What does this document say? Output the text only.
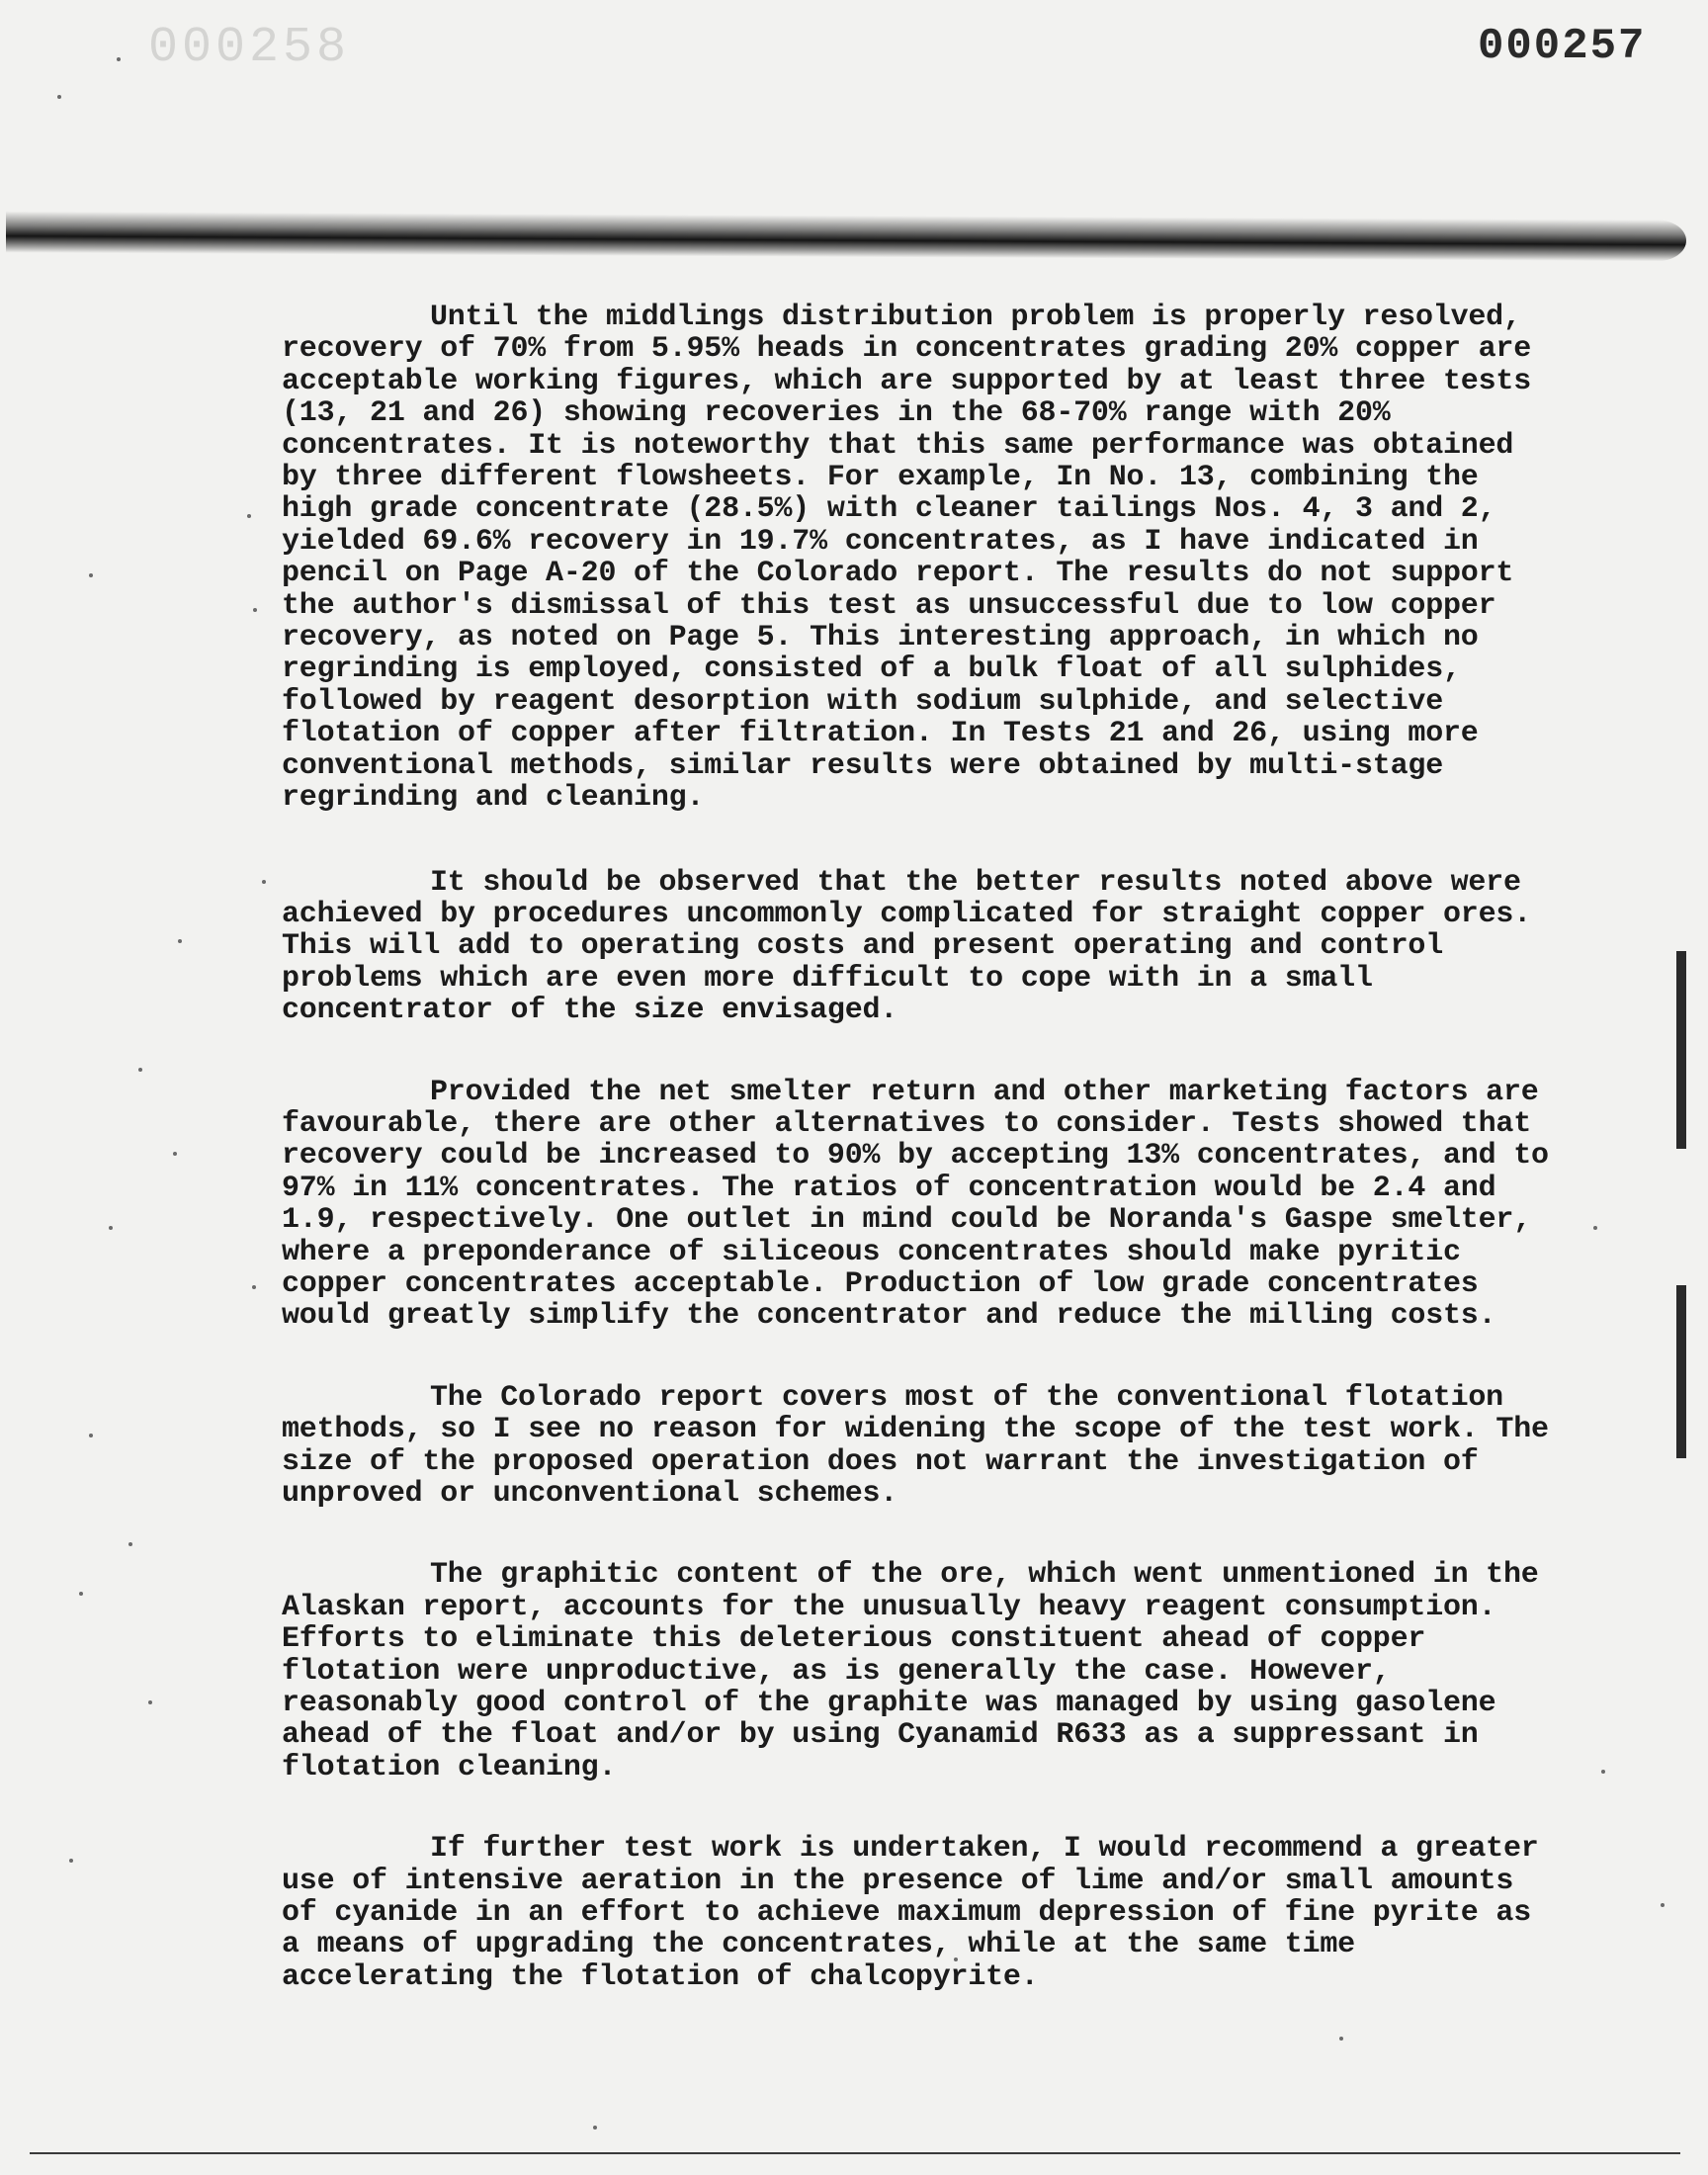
000258	000257

Until the middlings distribution problem is properly resolved, recovery of 70% from 5.95% heads in concentrates grading 20% copper are acceptable working figures, which are supported by at least three tests (13, 21 and 26) showing recoveries in the 68-70% range with 20% concentrates. It is noteworthy that this same performance was obtained by three different flowsheets. For example, In No. 13, combining the high grade concentrate (28.5%) with cleaner tailings Nos. 4, 3 and 2, yielded 69.6% recovery in 19.7% concentrates, as I have indicated in pencil on Page A-20 of the Colorado report. The results do not support the author's dismissal of this test as unsuccessful due to low copper recovery, as noted on Page 5. This interesting approach, in which no regrinding is employed, consisted of a bulk float of all sulphides, followed by reagent desorption with sodium sulphide, and selective flotation of copper after filtration. In Tests 21 and 26, using more conventional methods, similar results were obtained by multi-stage regrinding and cleaning.

It should be observed that the better results noted above were achieved by procedures uncommonly complicated for straight copper ores. This will add to operating costs and present operating and control problems which are even more difficult to cope with in a small concentrator of the size envisaged.

Provided the net smelter return and other marketing factors are favourable, there are other alternatives to consider. Tests showed that recovery could be increased to 90% by accepting 13% concentrates, and to 97% in 11% concentrates. The ratios of concentration would be 2.4 and 1.9, respectively. One outlet in mind could be Noranda's Gaspe smelter, where a preponderance of siliceous concentrates should make pyritic copper concentrates acceptable. Production of low grade concentrates would greatly simplify the concentrator and reduce the milling costs.

The Colorado report covers most of the conventional flotation methods, so I see no reason for widening the scope of the test work. The size of the proposed operation does not warrant the investigation of unproved or unconventional schemes.

The graphitic content of the ore, which went unmentioned in the Alaskan report, accounts for the unusually heavy reagent consumption. Efforts to eliminate this deleterious constituent ahead of copper flotation were unproductive, as is generally the case. However, reasonably good control of the graphite was managed by using gasolene ahead of the float and/or by using Cyanamid R633 as a suppressant in flotation cleaning.

If further test work is undertaken, I would recommend a greater use of intensive aeration in the presence of lime and/or small amounts of cyanide in an effort to achieve maximum depression of fine pyrite as a means of upgrading the concentrates, while at the same time accelerating the flotation of chalcopyrite.
